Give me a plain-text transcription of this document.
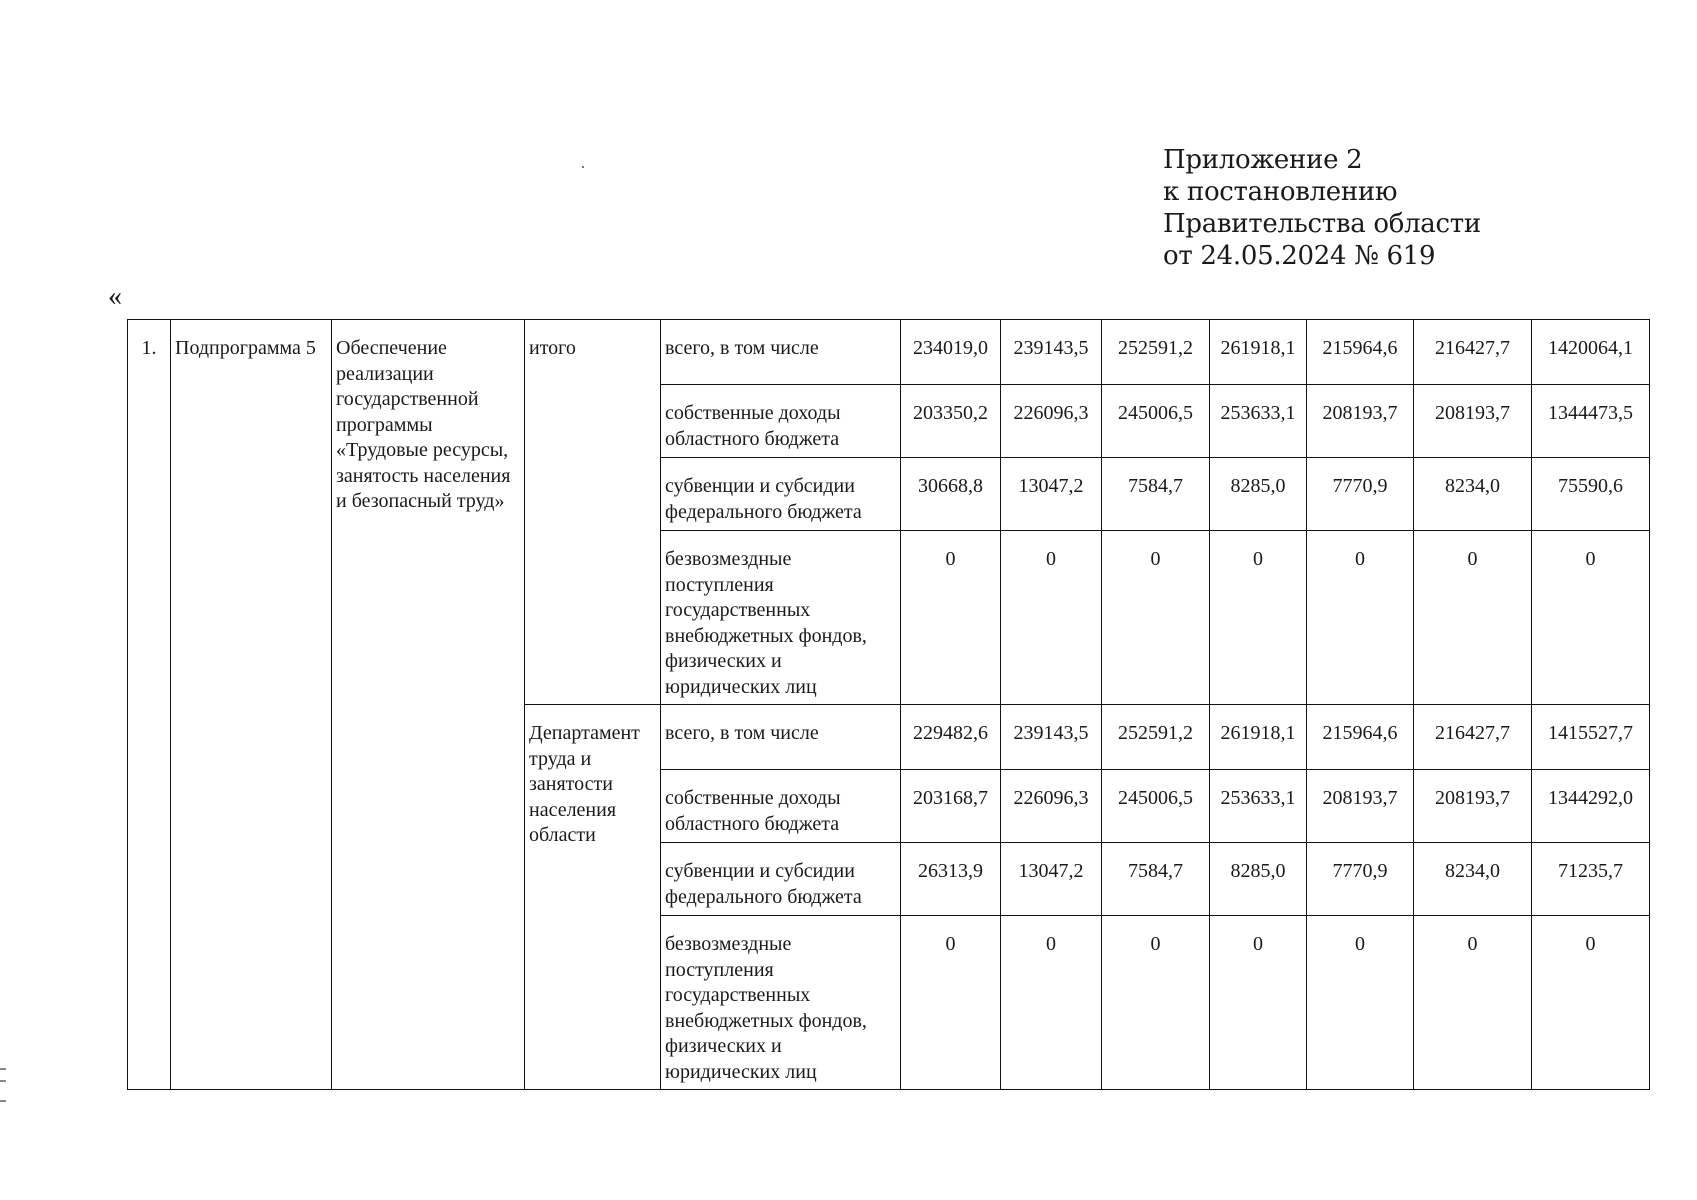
Приложение 2
к постановлению
Правительства области
от 24.05.2024 № 619
«
1.	Подпрограмма 5	Обеспечение реализации государственной программы «Трудовые ресурсы, занятость населения и безопасный труд»	итого	всего, в том числе	234019,0	239143,5	252591,2	261918,1	215964,6	216427,7	1420064,1
				собственные доходы областного бюджета	203350,2	226096,3	245006,5	253633,1	208193,7	208193,7	1344473,5
				субвенции и субсидии федерального бюджета	30668,8	13047,2	7584,7	8285,0	7770,9	8234,0	75590,6
				безвозмездные поступления государственных внебюджетных фондов, физических и юридических лиц	0	0	0	0	0	0	0
			Департамент труда и занятости населения области	всего, в том числе	229482,6	239143,5	252591,2	261918,1	215964,6	216427,7	1415527,7
				собственные доходы областного бюджета	203168,7	226096,3	245006,5	253633,1	208193,7	208193,7	1344292,0
				субвенции и субсидии федерального бюджета	26313,9	13047,2	7584,7	8285,0	7770,9	8234,0	71235,7
				безвозмездные поступления государственных внебюджетных фондов, физических и юридических лиц	0	0	0	0	0	0	0
